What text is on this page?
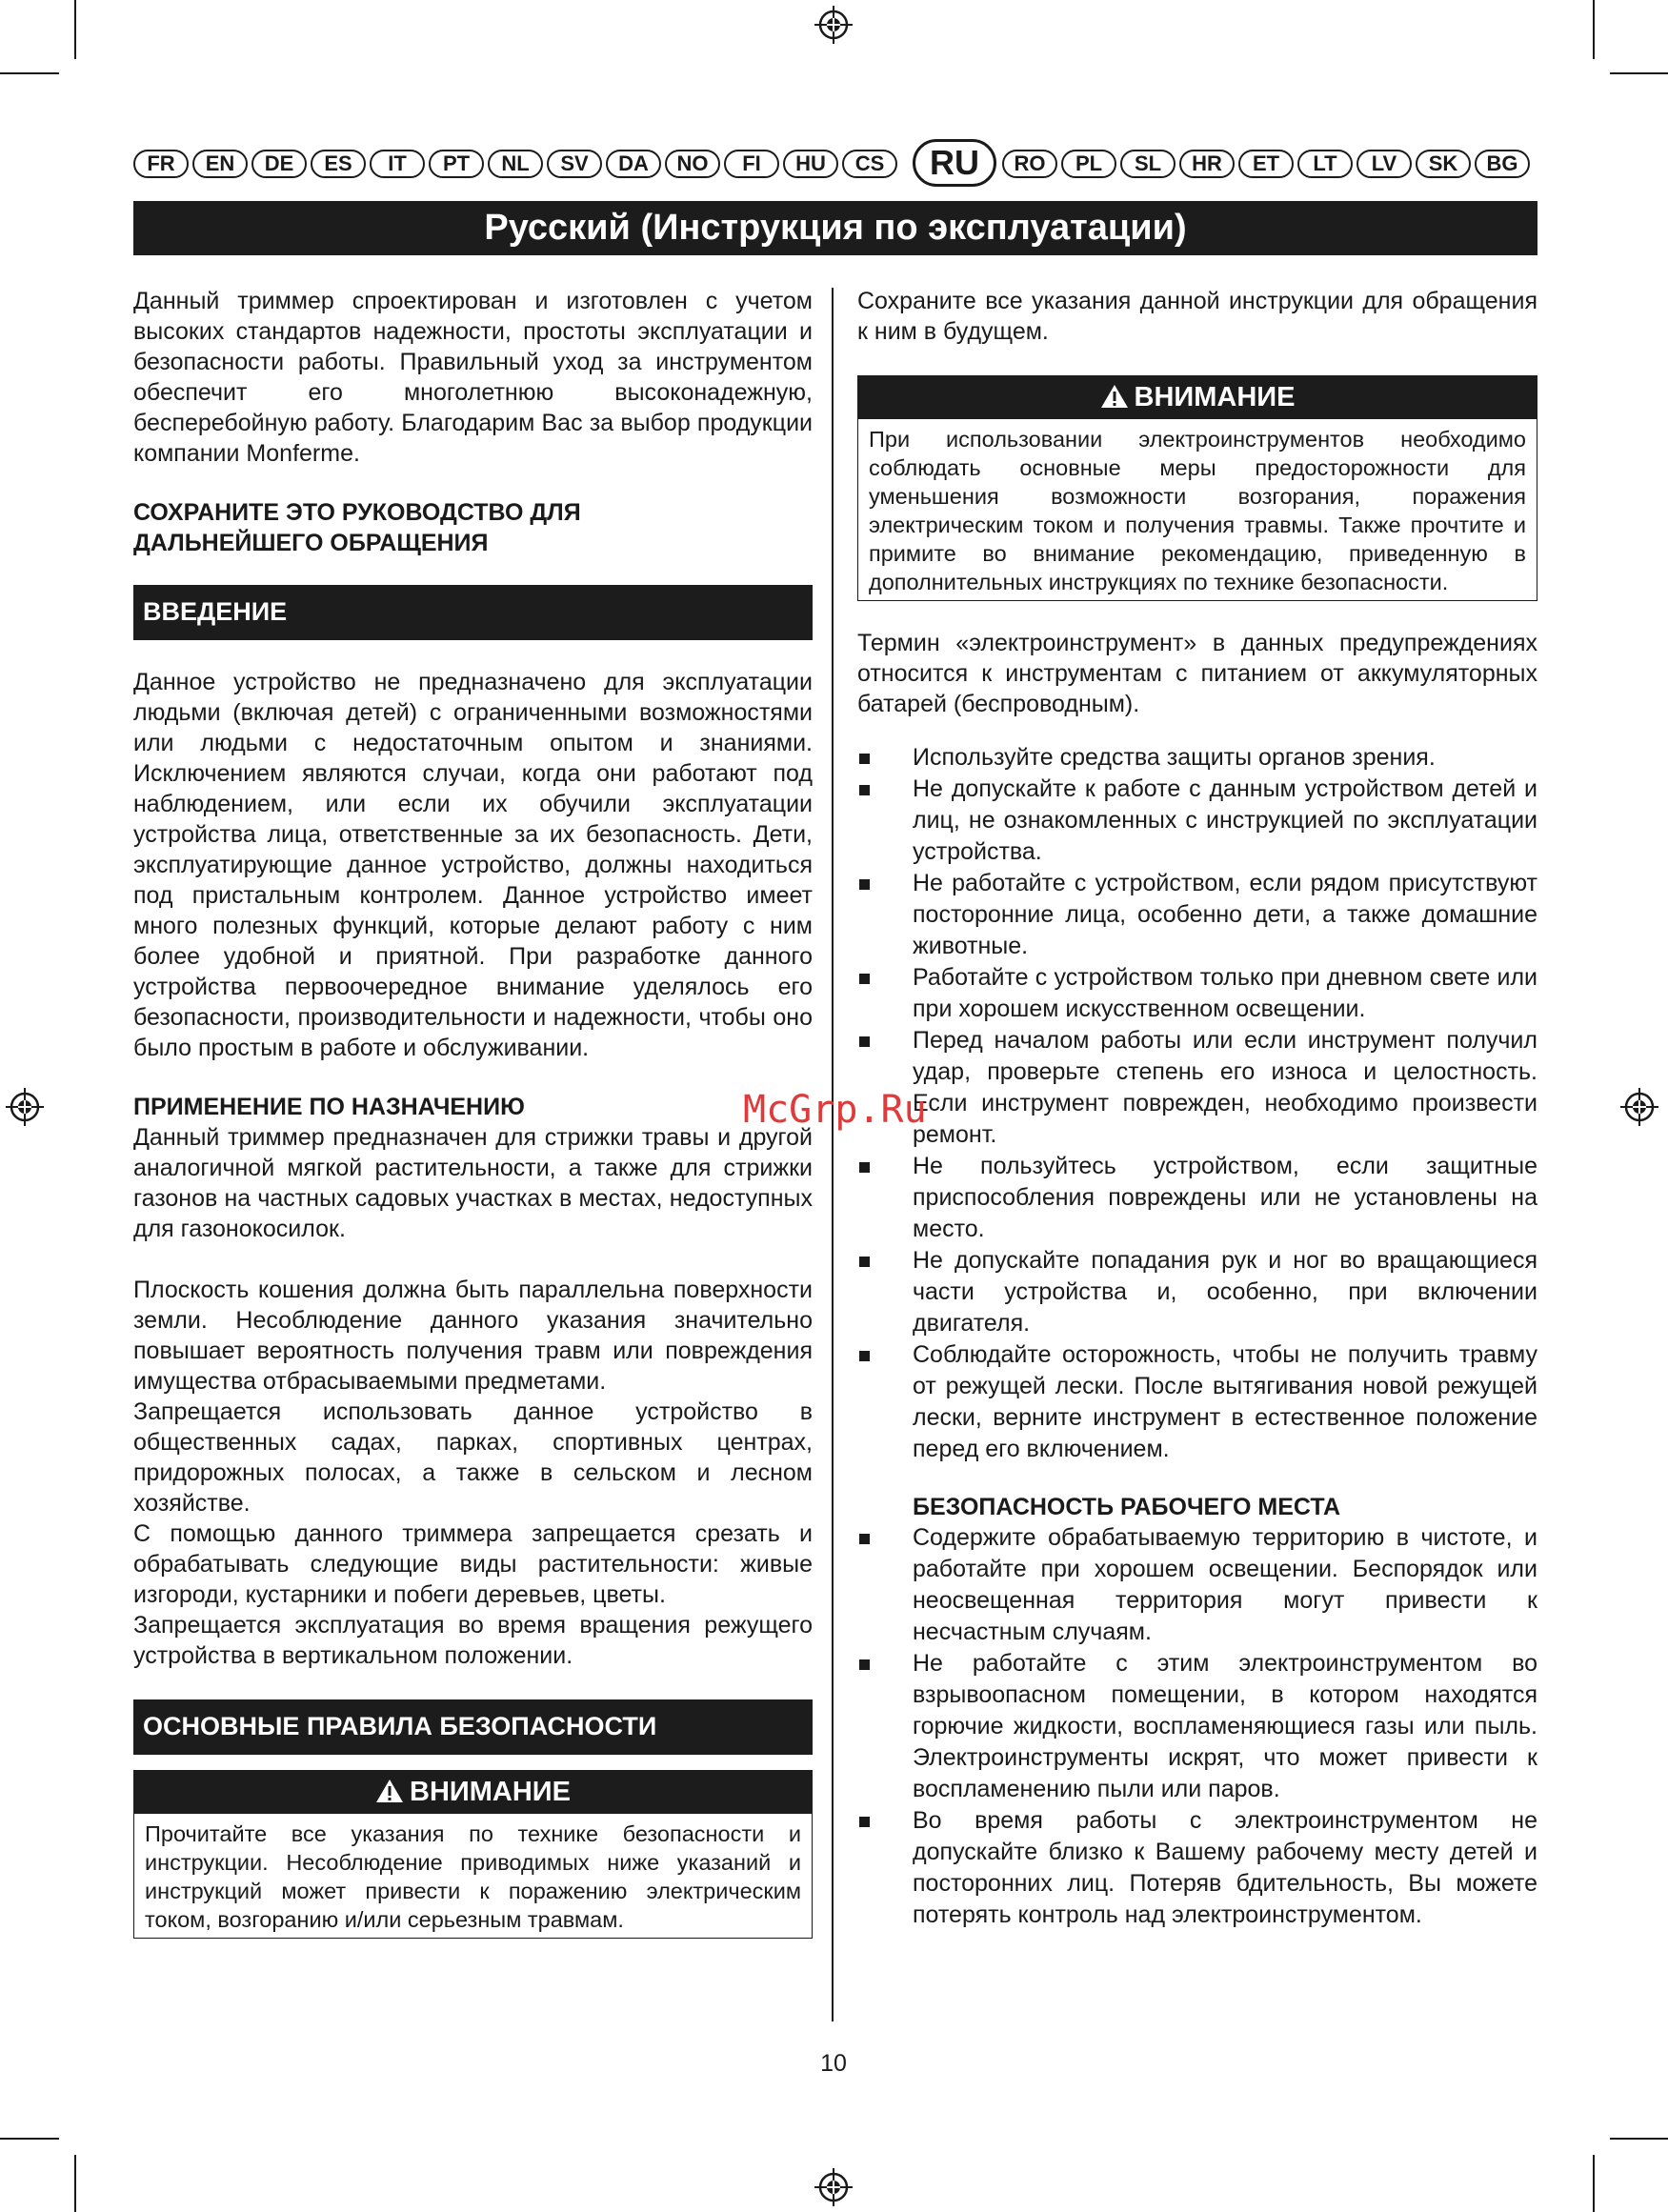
FR	EN	DE	ES	IT	PT	NL	SV	DA	NO	FI	HU	CS	RU	RO	PL	SL	HR	ET	LT	LV	SK	BG
Русский (Инструкция по эксплуатации)

Данный триммер спроектирован и изготовлен с учетом высоких стандартов надежности, простоты эксплуатации и безопасности работы. Правильный уход за инструментом обеспечит его многолетнюю высоконадежную, бесперебойную работу. Благодарим Вас за выбор продукции компании Monferme.

СОХРАНИТЕ ЭТО РУКОВОДСТВО ДЛЯ
ДАЛЬНЕЙШЕГО ОБРАЩЕНИЯ
ВВЕДЕНИЕ

Данное устройство не предназначено для эксплуатации людьми (включая детей) с ограниченными возможностями или людьми с недостаточным опытом и знаниями. Исключением являются случаи, когда они работают под наблюдением, или если их обучили эксплуатации устройства лица, ответственные за их безопасность. Дети, эксплуатирующие данное устройство, должны находиться под пристальным контролем. Данное устройство имеет много полезных функций, которые делают работу с ним более удобной и приятной. При разработке данного устройства первоочередное внимание уделялось его безопасности, производительности и надежности, чтобы оно было простым в работе и обслуживании.

ПРИМЕНЕНИЕ ПО НАЗНАЧЕНИЮ

Данный триммер предназначен для стрижки травы и другой аналогичной мягкой растительности, а также для стрижки газонов на частных садовых участках в местах, недоступных для газонокосилок.

Плоскость кошения должна быть параллельна поверхности земли. Несоблюдение данного указания значительно повышает вероятность получения травм или повреждения имущества отбрасываемыми предметами.

Запрещается использовать данное устройство в общественных садах, парках, спортивных центрах, придорожных полосах, а также в сельском и лесном хозяйстве.

С помощью данного триммера запрещается срезать и обрабатывать следующие виды растительности: живые изгороди, кустарники и побеги деревьев, цветы.

Запрещается эксплуатация во время вращения режущего устройства в вертикальном положении.

ОСНОВНЫЕ ПРАВИЛА БЕЗОПАСНОСТИ
ВНИМАНИЕ

Прочитайте все указания по технике безопасности и инструкции. Несоблюдение приводимых ниже указаний и инструкций может привести к поражению электрическим током, возгоранию и/или серьезным травмам.

Сохраните все указания данной инструкции для обращения к ним в будущем.

ВНИМАНИЕ

При использовании электроинструментов необходимо соблюдать основные меры предосторожности для уменьшения возможности возгорания, поражения электрическим током и получения травмы. Также прочтите и примите во внимание рекомендацию, приведенную в дополнительных инструкциях по технике безопасности.

Термин «электроинструмент» в данных предупреждениях относится к инструментам с питанием от аккумуляторных батарей (беспроводным).

Используйте средства защиты органов зрения.
Не допускайте к работе с данным устройством детей и лиц, не ознакомленных с инструкцией по эксплуатации устройства.
Не работайте с устройством, если рядом присутствуют посторонние лица, особенно дети, а также домашние животные.
Работайте с устройством только при дневном свете или при хорошем искусственном освещении.
Перед началом работы или если инструмент получил удар, проверьте степень его износа и целостность. Если инструмент поврежден, необходимо произвести ремонт.
Не пользуйтесь устройством, если защитные приспособления повреждены или не установлены на место.
Не допускайте попадания рук и ног во вращающиеся части устройства и, особенно, при включении двигателя.
Соблюдайте осторожность, чтобы не получить травму от режущей лески. После вытягивания новой режущей лески, верните инструмент в естественное положение перед его включением.
БЕЗОПАСНОСТЬ РАБОЧЕГО МЕСТА
Содержите обрабатываемую территорию в чистоте, и работайте при хорошем освещении. Беспорядок или неосвещенная территория могут привести к несчастным случаям.
Не работайте с этим электроинструментом во взрывоопасном помещении, в котором находятся горючие жидкости, воспламеняющиеся газы или пыль. Электроинструменты искрят, что может привести к воспламенению пыли или паров.
Во время работы с электроинструментом не допускайте близко к Вашему рабочему месту детей и посторонних лиц. Потеряв бдительность, Вы можете потерять контроль над электроинструментом.
McGrp.Ru
10
